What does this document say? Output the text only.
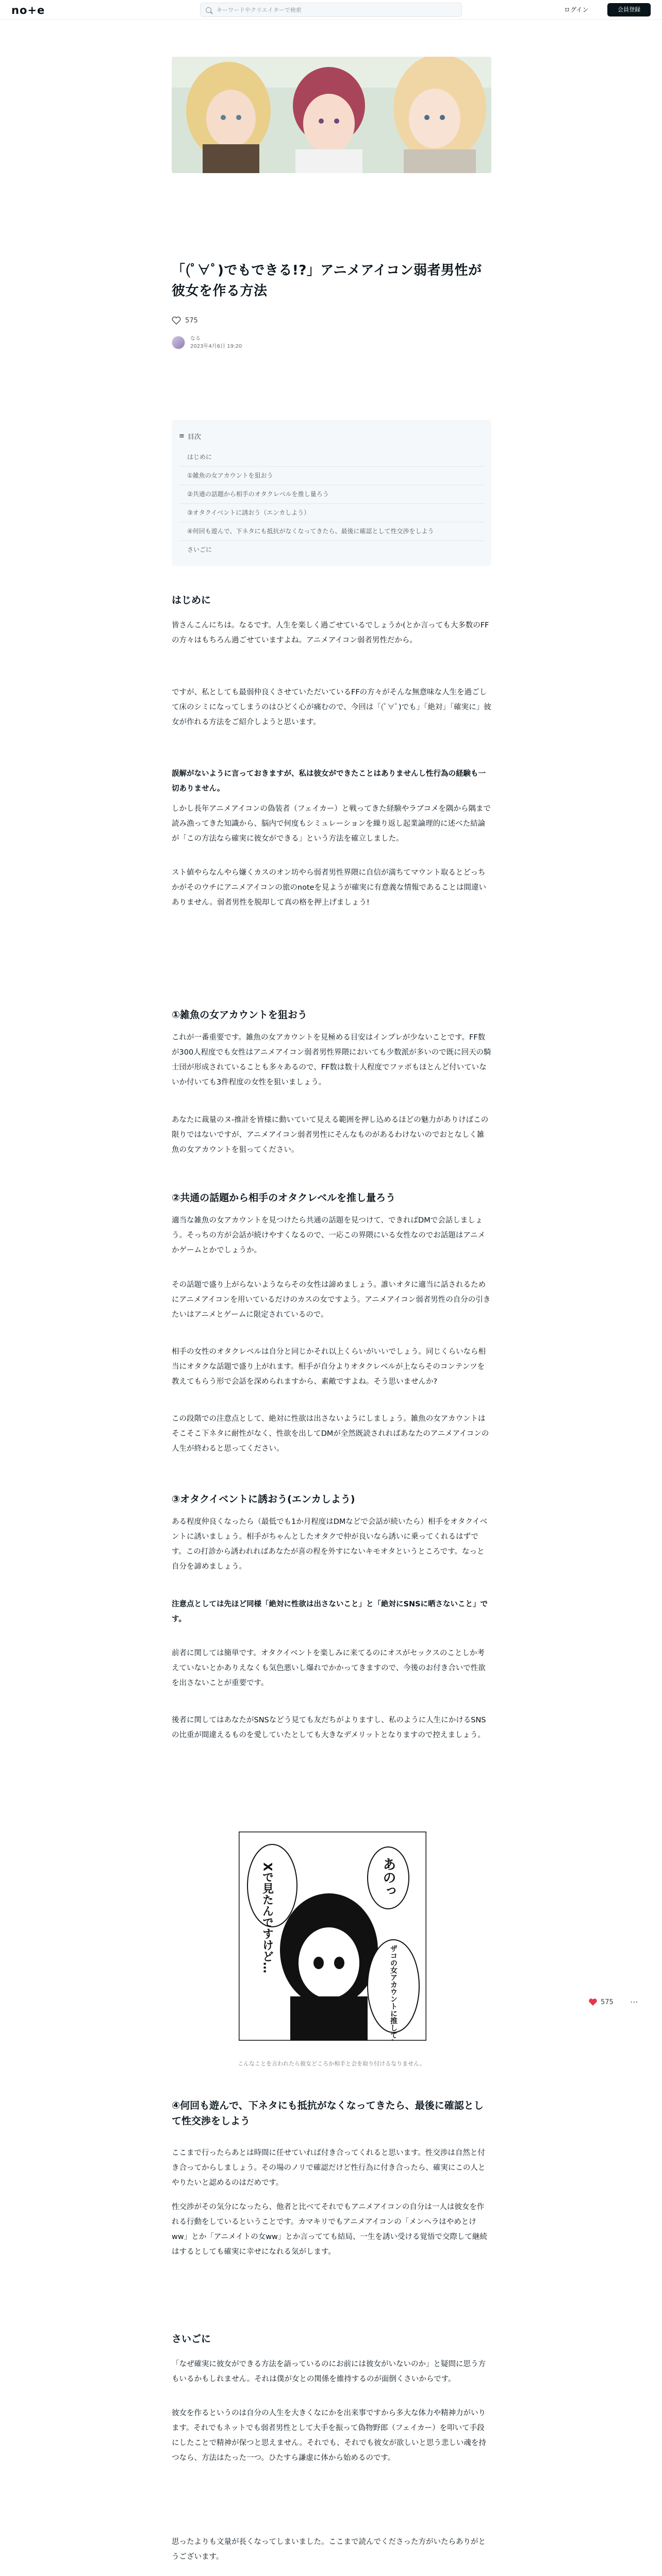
no+e	キーワードやクリエイターで検索	ログイン	会員登録
「(ﾟ∀ﾟ)でもできる!?」アニメアイコン弱者男性が彼女を作る方法
575
なる
2023年4月6日 19:20
≡ 目次
はじめに
①雑魚の女アカウントを狙おう
②共通の話題から相手のオタクレベルを推し量ろう
③オタクイベントに誘おう（エンカしよう）
④何回も遊んで、下ネタにも抵抗がなくなってきたら、最後に確認として性交渉をしよう
さいごに
はじめに

皆さんこんにちは。なるです。人生を楽しく過ごせているでしょうか(とか言っても大多数のFFの方々はもちろん過ごせていますよね。アニメアイコン弱者男性だから。

ですが、私としても最弱仲良くさせていただいているFFの方々がそんな無意味な人生を過ごして床のシミになってしまうのはひどく心が痛むので、今回は「(ﾟ∀ﾟ)でも」「絶対」「確実に」彼女が作れる方法をご紹介しようと思います。

誤解がないように言っておきますが、私は彼女ができたことはありませんし性行為の経験も一切ありません。

しかし長年アニメアイコンの偽装者（フェイカー）と戦ってきた経験やラブコメを隅から隅まで読み漁ってきた知識から、脳内で何度もシミュレーションを繰り返し起業論理的に述べた結論が「この方法なら確実に彼女ができる」という方法を確立しました。

スト値やらなんやら嫌くカスのオン坊やら弱者男性界隈に自信が満ちてマウント取るとどっちかがそのウチにアニメアイコンの旅のnoteを見ようが確実に有意義な情報であることは間違いありません。弱者男性を脱却して真の格を押上げましょう!

①雑魚の女アカウントを狙おう

これが一番重要です。雑魚の女アカウントを見極める目安はインプレが少ないことです。FF数が300人程度でも女性はアニメアイコン弱者男性界隈においても少数派が多いので既に回天の騎士団が形成されていることも多々あるので、FF数は数十人程度でファボもほとんど付いていないか付いても3件程度の女性を狙いましょう。

あなたに裁量のヌ-推計を皆様に動いていて見える範囲を押し込めるほどの魅力がありけばこの限りではないですが、アニメアイコン弱者男性にそんなものがあるわけないのでおとなしく雑魚の女アカウントを狙ってください。

②共通の話題から相手のオタクレベルを推し量ろう

適当な雑魚の女アカウントを見つけたら共通の話題を見つけて、できればDMで会話しましょう。そっちの方が会話が続けやすくなるので、一応この界隈にいる女性なのでお話題はアニメかゲームとかでしょうか。

その話題で盛り上がらないようならその女性は諦めましょう。誰いオタに適当に話されるためにアニメアイコンを用いているだけのカスの女ですよう。アニメアイコン弱者男性の自分の引きたいはアニメとゲームに限定されているので。

相手の女性のオタクレベルは自分と同じかそれ以上くらいがいいでしょう。同じくらいなら相当にオタクな話題で盛り上がれます。相手が自分よりオタクレベルが上ならそのコンテンツを教えてもらう形で会話を深められますから、素敵ですよね。そう思いませんか?

この段階での注意点として、絶対に性欲は出さないようにしましょう。雑魚の女アカウントはそこそこ下ネタに耐性がなく、性欲を出してDMが全然既読されればあなたのアニメアイコンの人生が終わると思ってください。

③オタクイベントに誘おう(エンカしよう)

ある程度仲良くなったら（最低でも1か月程度はDMなどで会話が続いたら）相手をオタクイベントに誘いましょう。相手がちゃんとしたオタクで仲が良いなら誘いに乗ってくれるはずです。この打診から誘われればあなたが喜の程を外すにないキモオタというところです。なっと自分を諦めましょう。

注意点としては先ほど同様「絶対に性欲は出さないこと」と「絶対にSNSに晒さないこと」です。

前者に関しては簡単です。オタクイベントを楽しみに来てるのにオスがセックスのことしか考えていないとかありえなくも気色悪いし爆れでかかってきますので、今後のお付き合いで性欲を出さないことが重要です。

後者に関してはあなたがSNSなどう見ても友だちがよりますし、私のように人生にかけるSNSの比重が間違えるものを愛していたとしても大きなデメリットとなりますので控えましょう。

Xで見たんですけど…	あのっ
ザコの女アカウントに推してしまいましたよね…
こんなことを言われたら彼女どころか相手と会を取り付けるなりません。
575 ⋯
④何回も遊んで、下ネタにも抵抗がなくなってきたら、最後に確認として性交渉をしよう

ここまで行ったらあとは時間に任せていれば付き合ってくれると思います。性交渉は自然と付き合ってからしましょう。その場のノリで確認だけど性行為に付き合ったら、確実にこの人とやりたいと認めるのはだめです。

性交渉がその気分になったら、他者と比べてそれでもアニメアイコンの自分は一人は彼女を作れる行動をしているということです。カマキリでもアニメアイコンの「メンヘラはやめとけww」とか「アニメイトの女ww」とか言ってても結局、一生を誘い受ける覚悟で交際して継続はするとしても確実に幸せになれる気がします。

さいごに

「なぜ確実に彼女ができる方法を語っているのにお前には彼女がいないのか」と疑問に思う方もいるかもしれません。それは僕が女との関係を維持するのが面倒くさいからです。

彼女を作るというのは自分の人生を大きくなにかを出来事ですから多大な体力や精神力がいります。それでもネットでも弱者男性として大手を振って偽物野郎（フェイカー）を叩いて手段にしたことで精神が保つと思えません。それでも、それでも彼女が欲しいと思う悲しい魂を持つなら、方法はたった一つ。ひたすら謙虚に体から始めるのです。

思ったよりも文量が長くなってしまいました。ここまで読んでくださった方がいたらありがとうございます。
